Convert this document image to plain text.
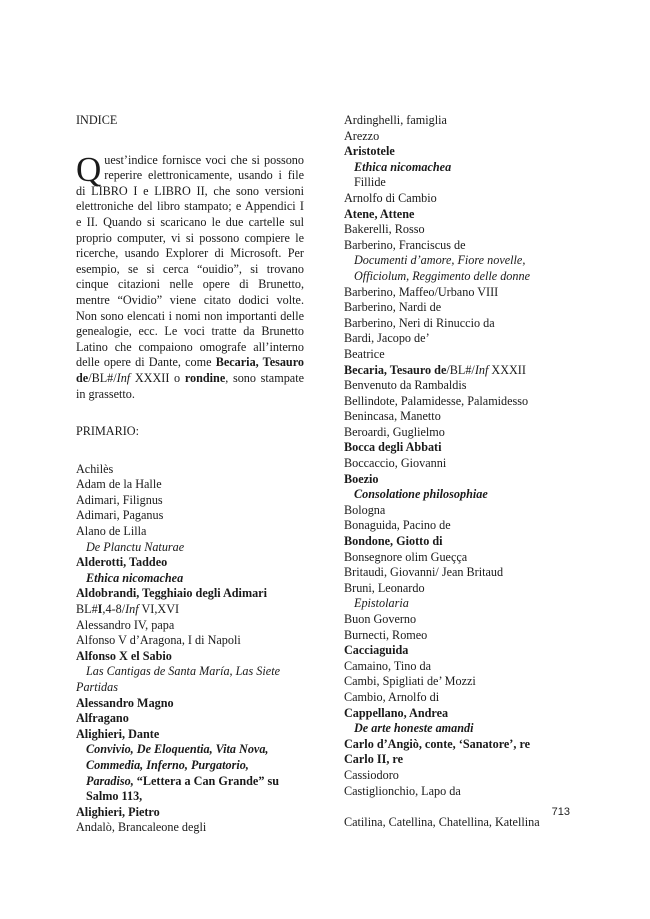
INDICE
Q uest’indice fornisce voci che si possono reperire elettronicamente, usando i file di LIBRO I e LIBRO II, che sono versioni elettroniche del libro stampato; e Appendici I e II. Quando si scaricano le due cartelle sul proprio computer, vi si possono compiere le ricerche, usando Explorer di Microsoft. Per esempio, se si cerca “ouidio”, si trovano cinque citazioni nelle opere di Brunetto, mentre “Ovidio” viene citato dodici volte. Non sono elencati i nomi non importanti delle genealogie, ecc. Le voci tratte da Brunetto Latino che compaiono omografe all’interno delle opere di Dante, come Becaria, Tesauro de/BL#/Inf XXXII o rondine, sono stampate in grassetto.
PRIMARIO:
Achilès
Adam de la Halle
Adimari, Filignus
Adimari, Paganus
Alano de Lilla
De Planctu Naturae
Alderotti, Taddeo
Ethica nicomachea
Aldobrandi, Tegghiaio degli Adimari
BL#I,4-8/Inf VI,XVI
Alessandro IV, papa
Alfonso V d’Aragona, I di Napoli
Alfonso X el Sabio
Las Cantigas de Santa María, Las Siete
Partidas
Alessandro Magno
Alfragano
Alighieri, Dante
Convivio, De Eloquentia, Vita Nova,
Commedia, Inferno, Purgatorio,
Paradiso, “Lettera a Can Grande” su
Salmo 113,
Alighieri, Pietro
Andalò, Brancaleone degli
Ardinghelli, famiglia
Arezzo
Aristotele
Ethica nicomachea
Fillide
Arnolfo di Cambio
Atene, Attene
Bakerelli, Rosso
Barberino, Franciscus de
Documenti d’amore, Fiore novelle,
Officiolum, Reggimento delle donne
Barberino, Maffeo/Urbano VIII
Barberino, Nardi de
Barberino, Neri di Rinuccio da
Bardi, Jacopo de’
Beatrice
Becaria, Tesauro de/BL#/Inf XXXII
Benvenuto da Rambaldis
Bellindote, Palamidesse, Palamidesso
Benincasa, Manetto
Beroardi, Guglielmo
Bocca degli Abbati
Boccaccio, Giovanni
Boezio
Consolatione philosophiae
Bologna
Bonaguida, Pacino de
Bondone, Giotto di
Bonsegnore olim Gueçça
Britaudi, Giovanni/ Jean Britaud
Bruni, Leonardo
Epistolaria
Buon Governo
Burnecti, Romeo
Cacciaguida
Camaino, Tino da
Cambi, Spigliati de’ Mozzi
Cambio, Arnolfo di
Cappellano, Andrea
De arte honeste amandi
Carlo d’Angiò, conte, ‘Sanatore’, re
Carlo II, re
Cassiodoro
Castiglionchio, Lapo da
Catilina, Catellina, Chatellina, Katellina
713
